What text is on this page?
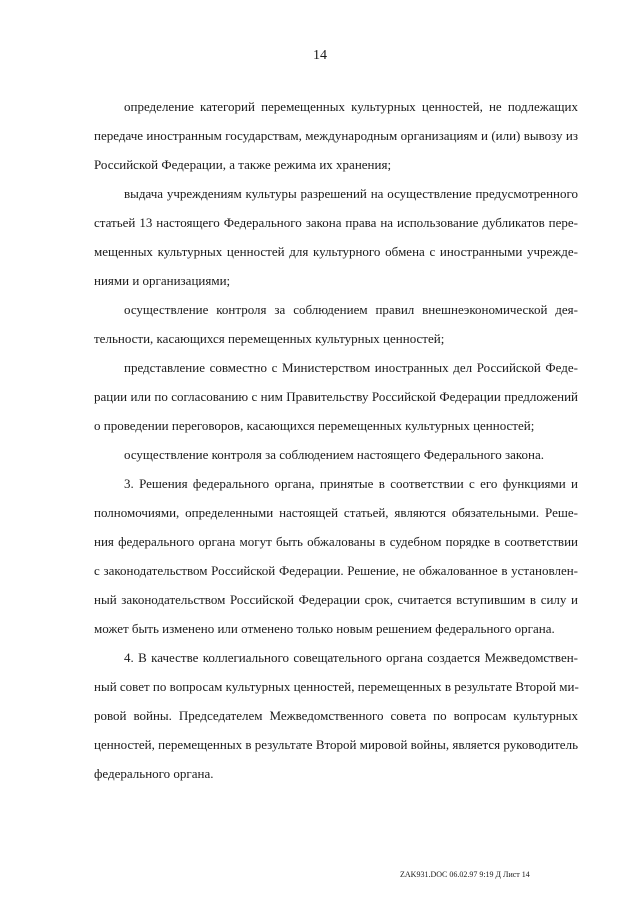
14
определение категорий перемещенных культурных ценностей, не подлежащих
передаче иностранным государствам, международным организациям и (или) вывозу из
Российской Федерации, а также режима их хранения;
выдача учреждениям культуры разрешений на осуществление предусмотренного
статьей 13 настоящего Федерального закона права на использование дубликатов пере-
мещенных культурных ценностей для культурного обмена с иностранными учрежде-
ниями и организациями;
осуществление контроля за соблюдением правил внешнеэкономической дея-
тельности, касающихся перемещенных культурных ценностей;
представление совместно с Министерством иностранных дел Российской Феде-
рации или по согласованию с ним Правительству Российской Федерации предложений
о проведении переговоров, касающихся перемещенных культурных ценностей;
осуществление контроля за соблюдением настоящего Федерального закона.
3. Решения федерального органа, принятые в соответствии с его функциями и
полномочиями, определенными настоящей статьей, являются обязательными. Реше-
ния федерального органа могут быть обжалованы в судебном порядке в соответствии
с законодательством Российской Федерации. Решение, не обжалованное в установлен-
ный законодательством Российской Федерации срок, считается вступившим в силу и
может быть изменено или отменено только новым решением федерального органа.
4. В качестве коллегиального совещательного органа создается Межведомствен-
ный совет по вопросам культурных ценностей, перемещенных в результате Второй ми-
ровой войны. Председателем Межведомственного совета по вопросам культурных
ценностей, перемещенных в результате Второй мировой войны, является руководитель
федерального органа.
ZAK931.DOC 06.02.97 9:19 Д Лист 14
